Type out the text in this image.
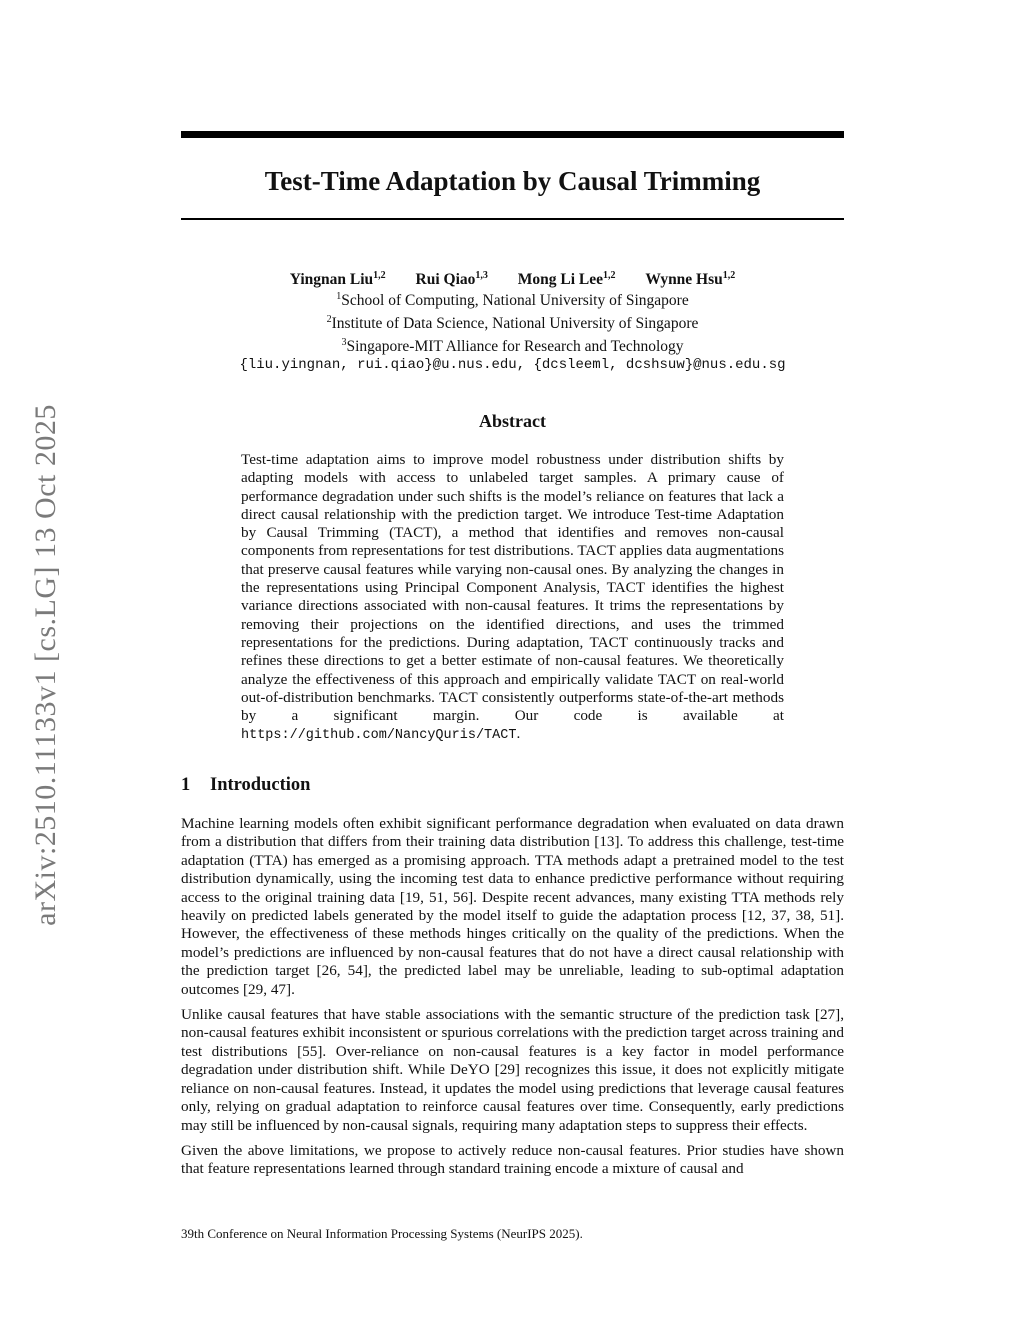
arXiv:2510.11133v1 [cs.LG] 13 Oct 2025
Test-Time Adaptation by Causal Trimming
Yingnan Liu$^{1,2}$ Rui Qiao$^{1,3}$ Mong Li Lee$^{1,2}$ Wynne Hsu$^{1,2}$
$^1$School of Computing, National University of Singapore
$^2$Institute of Data Science, National University of Singapore
$^3$Singapore-MIT Alliance for Research and Technology
{liu.yingnan, rui.qiao}@u.nus.edu, {dcsleeml, dcshsuw}@nus.edu.sg
Abstract
Test-time adaptation aims to improve model robustness under distribution shifts by adapting models with access to unlabeled target samples. A primary cause of performance degradation under such shifts is the model’s reliance on features that lack a direct causal relationship with the prediction target. We introduce Test-time Adaptation by Causal Trimming (TACT), a method that identifies and removes non-causal components from representations for test distributions. TACT applies data augmentations that preserve causal features while varying non-causal ones. By analyzing the changes in the representations using Principal Component Analysis, TACT identifies the highest variance directions associated with non-causal features. It trims the representations by removing their projections on the identified directions, and uses the trimmed representations for the predictions. During adaptation, TACT continuously tracks and refines these directions to get a better estimate of non-causal features. We theoretically analyze the effectiveness of this approach and empirically validate TACT on real-world out-of-distribution benchmarks. TACT consistently outperforms state-of-the-art methods by a significant margin. Our code is available at https://github.com/NancyQuris/TACT.
1 Introduction

Machine learning models often exhibit significant performance degradation when evaluated on data drawn from a distribution that differs from their training data distribution [13]. To address this challenge, test-time adaptation (TTA) has emerged as a promising approach. TTA methods adapt a pretrained model to the test distribution dynamically, using the incoming test data to enhance predictive performance without requiring access to the original training data [19, 51, 56]. Despite recent advances, many existing TTA methods rely heavily on predicted labels generated by the model itself to guide the adaptation process [12, 37, 38, 51]. However, the effectiveness of these methods hinges critically on the quality of the predictions. When the model’s predictions are influenced by non-causal features that do not have a direct causal relationship with the prediction target [26, 54], the predicted label may be unreliable, leading to sub-optimal adaptation outcomes [29, 47].

Unlike causal features that have stable associations with the semantic structure of the prediction task [27], non-causal features exhibit inconsistent or spurious correlations with the prediction target across training and test distributions [55]. Over-reliance on non-causal features is a key factor in model performance degradation under distribution shift. While DeYO [29] recognizes this issue, it does not explicitly mitigate reliance on non-causal features. Instead, it updates the model using predictions that leverage causal features only, relying on gradual adaptation to reinforce causal features over time. Consequently, early predictions may still be influenced by non-causal signals, requiring many adaptation steps to suppress their effects.

Given the above limitations, we propose to actively reduce non-causal features. Prior studies have shown that feature representations learned through standard training encode a mixture of causal and

39th Conference on Neural Information Processing Systems (NeurIPS 2025).
